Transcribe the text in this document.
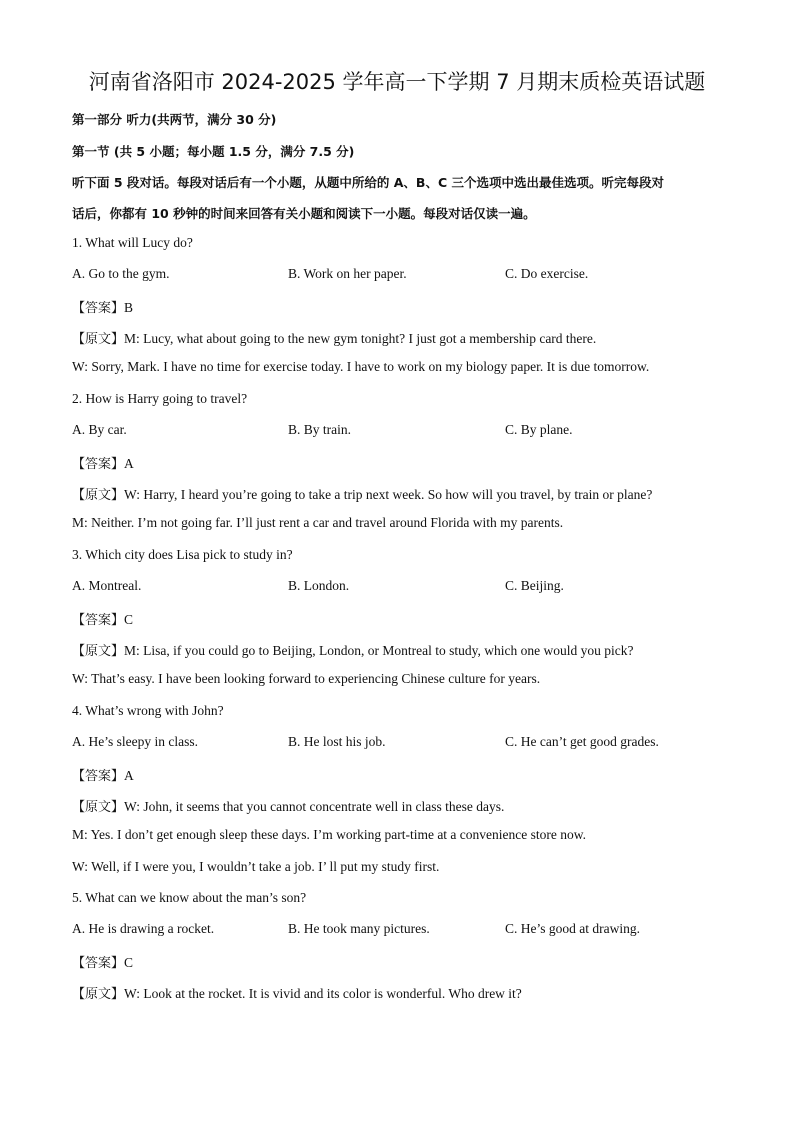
河南省洛阳市 2024-2025 学年高一下学期 7 月期末质检英语试题
第一部分 听力(共两节，满分 30 分)
第一节 (共 5 小题；每小题 1.5 分，满分 7.5 分)
听下面 5 段对话。每段对话后有一个小题，从题中所给的 A、B、C 三个选项中选出最佳选项。听完每段对
话后，你都有 10 秒钟的时间来回答有关小题和阅读下一小题。每段对话仅读一遍。
1. What will Lucy do?
A. Go to the gym.	B. Work on her paper.	C. Do exercise.
【答案】B
【原文】M: Lucy, what about going to the new gym tonight? I just got a membership card there.
W: Sorry, Mark. I have no time for exercise today. I have to work on my biology paper. It is due tomorrow.
2. How is Harry going to travel?
A. By car.	B. By train.	C. By plane.
【答案】A
【原文】W: Harry, I heard you’re going to take a trip next week. So how will you travel, by train or plane?
M: Neither. I’m not going far. I’ll just rent a car and travel around Florida with my parents.
3. Which city does Lisa pick to study in?
A. Montreal.	B. London.	C. Beijing.
【答案】C
【原文】M: Lisa, if you could go to Beijing, London, or Montreal to study, which one would you pick?
W: That’s easy. I have been looking forward to experiencing Chinese culture for years.
4. What’s wrong with John?
A. He’s sleepy in class.	B. He lost his job.	C. He can’t get good grades.
【答案】A
【原文】W: John, it seems that you cannot concentrate well in class these days.
M: Yes. I don’t get enough sleep these days. I’m working part-time at a convenience store now.
W: Well, if I were you, I wouldn’t take a job. I’ ll put my study first.
5. What can we know about the man’s son?
A. He is drawing a rocket.	B. He took many pictures.	C. He’s good at drawing.
【答案】C
【原文】W: Look at the rocket. It is vivid and its color is wonderful. Who drew it?
